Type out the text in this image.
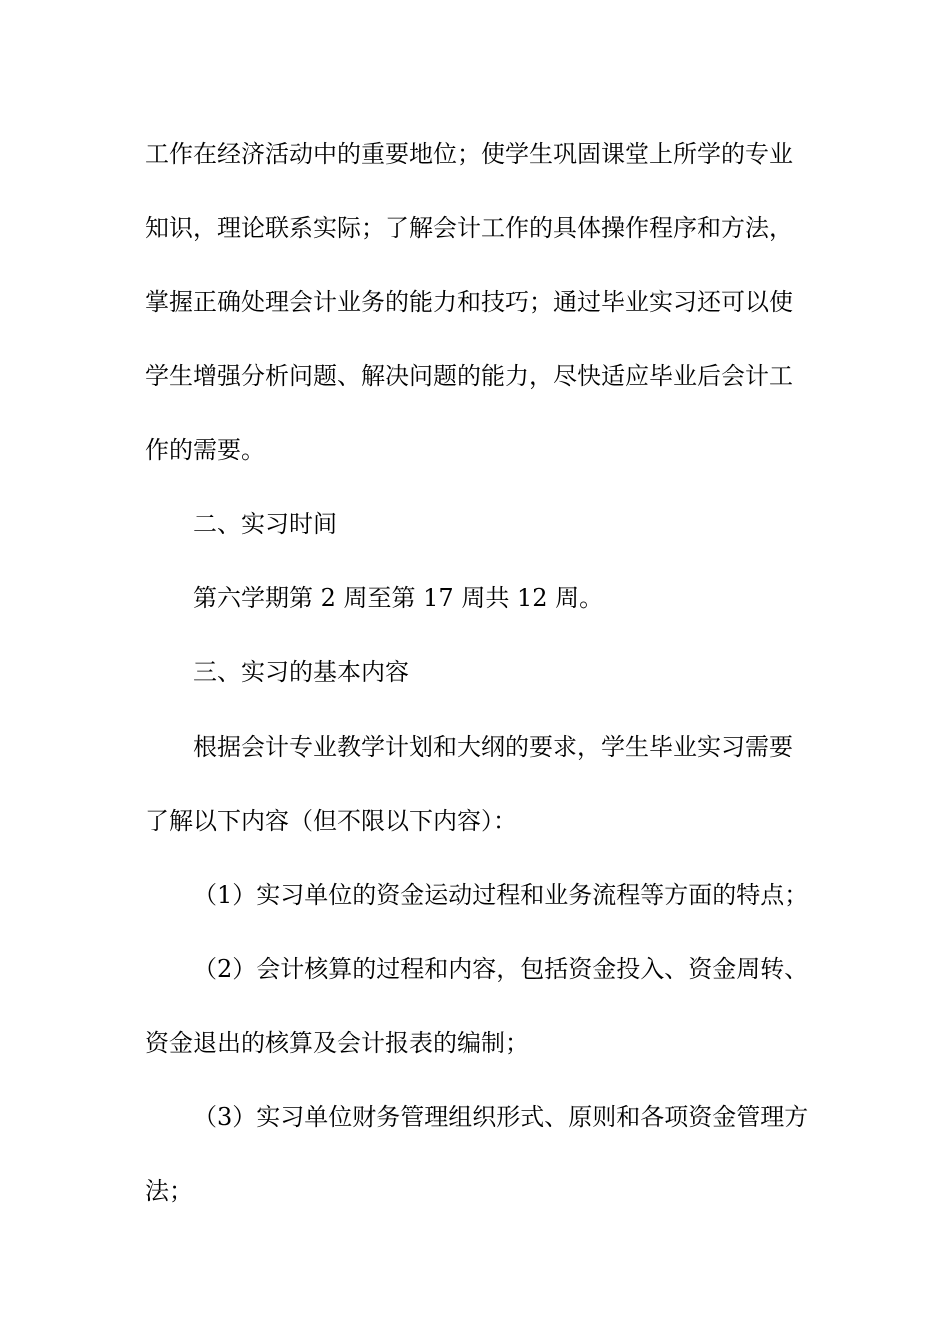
工作在经济活动中的重要地位；使学生巩固课堂上所学的专业
知识，理论联系实际；了解会计工作的具体操作程序和方法，
掌握正确处理会计业务的能力和技巧；通过毕业实习还可以使
学生增强分析问题、解决问题的能力，尽快适应毕业后会计工
作的需要。
二、实习时间
第六学期第 2 周至第 17 周共 12 周。
三、实习的基本内容
根据会计专业教学计划和大纲的要求，学生毕业实习需要
了解以下内容（但不限以下内容）：
（1）实习单位的资金运动过程和业务流程等方面的特点；
（2）会计核算的过程和内容，包括资金投入、资金周转、
资金退出的核算及会计报表的编制；
（3）实习单位财务管理组织形式、原则和各项资金管理方
法；
